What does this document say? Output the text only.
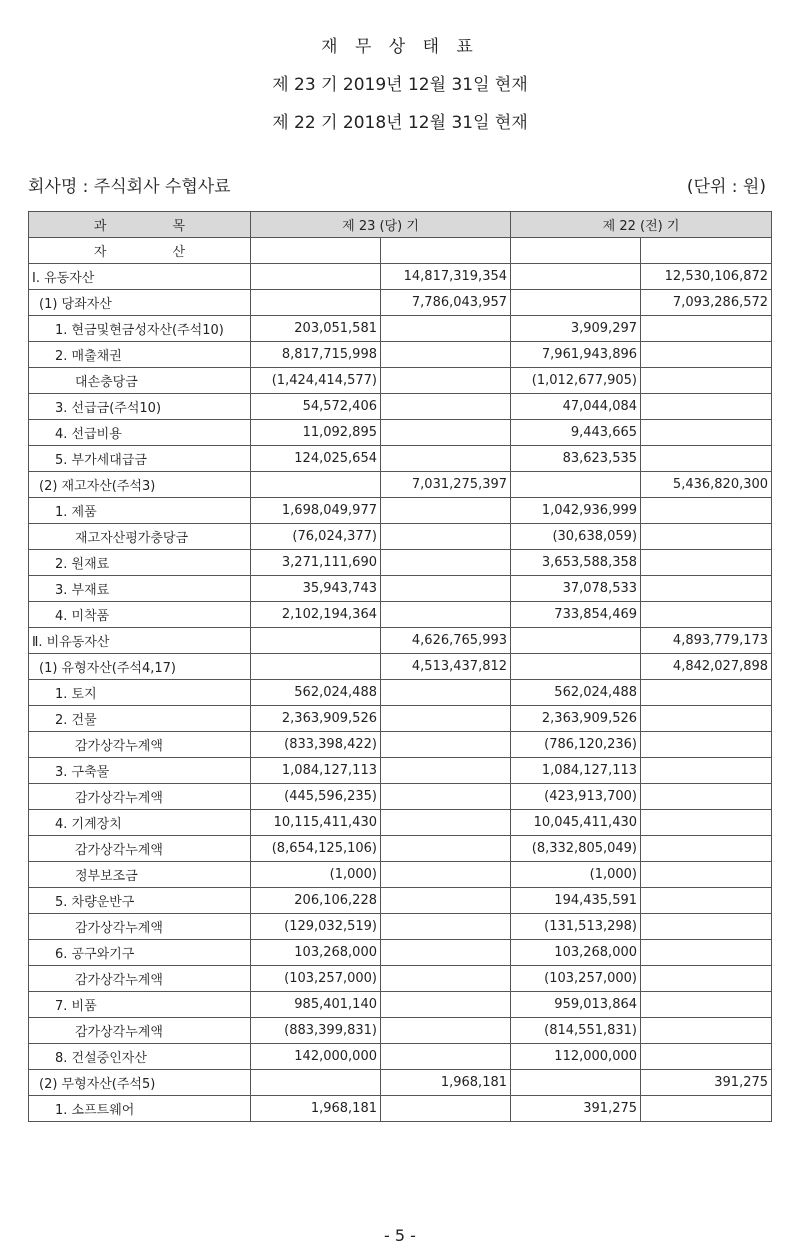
재 무 상 태 표
제 23 기 2019년 12월 31일 현재
제 22 기 2018년 12월 31일 현재
회사명 : 주식회사 수협사료	(단위 : 원)
과                목	제 23 (당) 기		제 22 (전) 기	
자                산				
Ⅰ. 유동자산		14,817,319,354		12,530,106,872
(1) 당좌자산		7,786,043,957		7,093,286,572
1. 현금및현금성자산(주석10)	203,051,581		3,909,297	
2. 매출채권	8,817,715,998		7,961,943,896	
대손충당금	(1,424,414,577)		(1,012,677,905)	
3. 선급금(주석10)	54,572,406		47,044,084	
4. 선급비용	11,092,895		9,443,665	
5. 부가세대급금	124,025,654		83,623,535	
(2) 재고자산(주석3)		7,031,275,397		5,436,820,300
1. 제품	1,698,049,977		1,042,936,999	
재고자산평가충당금	(76,024,377)		(30,638,059)	
2. 원재료	3,271,111,690		3,653,588,358	
3. 부재료	35,943,743		37,078,533	
4. 미착품	2,102,194,364		733,854,469	
Ⅱ. 비유동자산		4,626,765,993		4,893,779,173
(1) 유형자산(주석4,17)		4,513,437,812		4,842,027,898
1. 토지	562,024,488		562,024,488	
2. 건물	2,363,909,526		2,363,909,526	
감가상각누계액	(833,398,422)		(786,120,236)	
3. 구축물	1,084,127,113		1,084,127,113	
감가상각누계액	(445,596,235)		(423,913,700)	
4. 기계장치	10,115,411,430		10,045,411,430	
감가상각누계액	(8,654,125,106)		(8,332,805,049)	
정부보조금	(1,000)		(1,000)	
5. 차량운반구	206,106,228		194,435,591	
감가상각누계액	(129,032,519)		(131,513,298)	
6. 공구와기구	103,268,000		103,268,000	
감가상각누계액	(103,257,000)		(103,257,000)	
7. 비품	985,401,140		959,013,864	
감가상각누계액	(883,399,831)		(814,551,831)	
8. 건설중인자산	142,000,000		112,000,000	
(2) 무형자산(주석5)		1,968,181		391,275
1. 소프트웨어	1,968,181		391,275	
- 5 -
